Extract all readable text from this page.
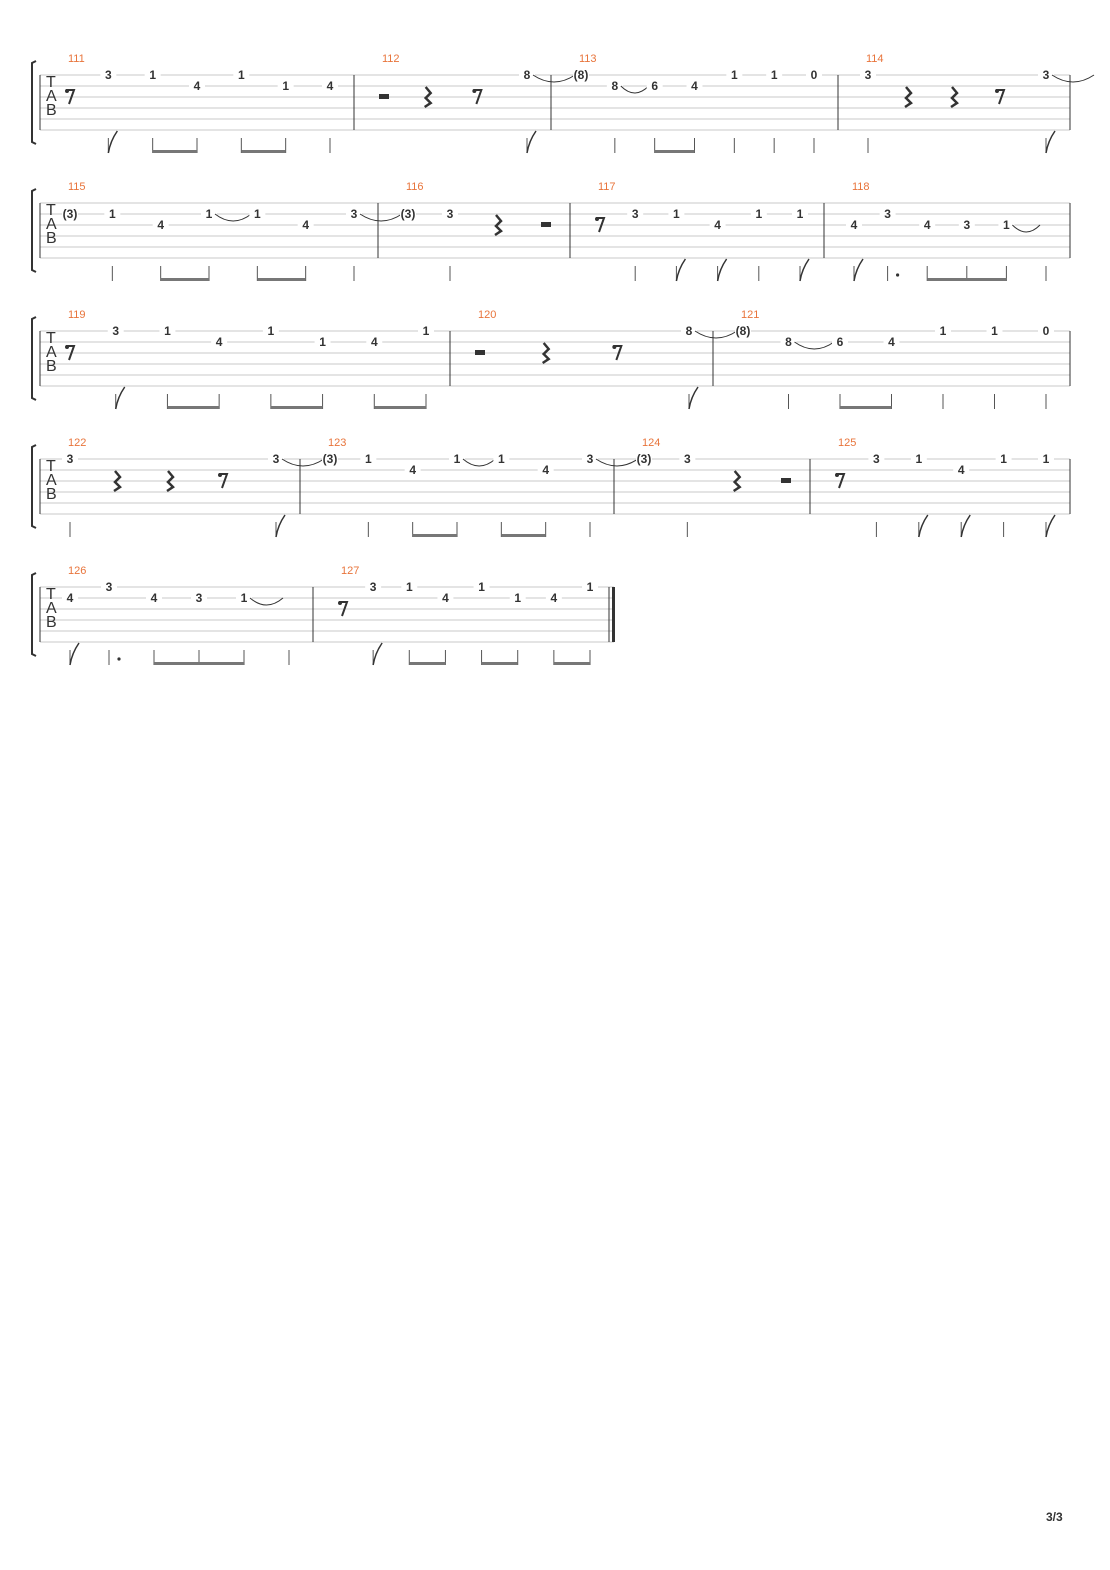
T
A
B
111
3	1
4
1
1	4
112
8
113
(8)
8	6	4
1	1	0
114
3	3
T
A
B
115
(3)	1
4
1	1
4
3
116
(3)	3
117
3	1
4
1	1
118
4
3
4	3	1
T
A
B
119
3	1
4
1
1	4
1
120
8
121
(8)
8	6	4
1	1	0
T
A
B
122
3	3
123
(3) 1
4
1	1
4
3
124
(3)	3
125
3	1
4
1	1
T
A
B
126
4
3
4	3	1
127
3 1
4
1
1 4
1
3/3
